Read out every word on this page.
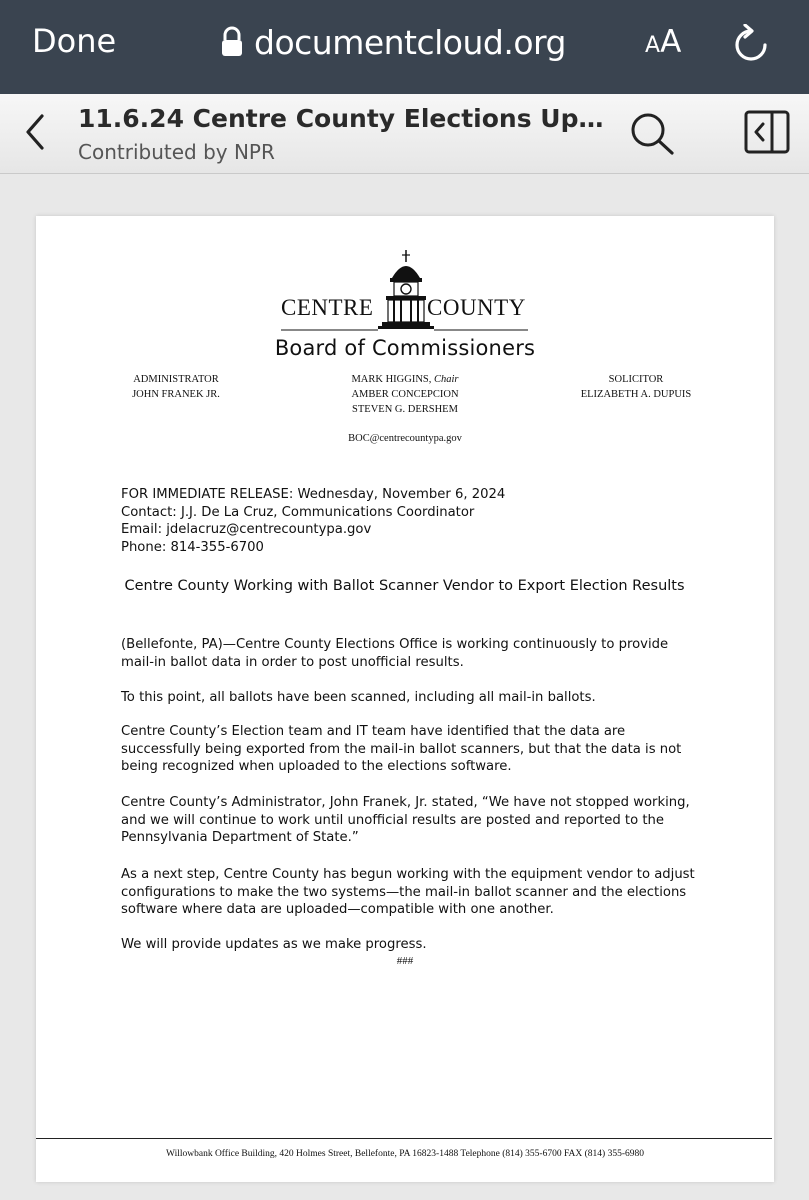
Done	documentcloud.org	AA
11.6.24 Centre County Elections Up…
Contributed by NPR
CENTRE COUNTY
Board of Commissioners
ADMINISTRATOR
JOHN FRANEK JR.
MARK HIGGINS, Chair
AMBER CONCEPCION
STEVEN G. DERSHEM
SOLICITOR
ELIZABETH A. DUPUIS
BOC@centrecountypa.gov
FOR IMMEDIATE RELEASE: Wednesday, November 6, 2024
Contact: J.J. De La Cruz, Communications Coordinator
Email: jdelacruz@centrecountypa.gov
Phone: 814-355-6700
Centre County Working with Ballot Scanner Vendor to Export Election Results
(Bellefonte, PA)—Centre County Elections Office is working continuously to provide mail-in ballot data in order to post unofficial results.
To this point, all ballots have been scanned, including all mail-in ballots.
Centre County’s Election team and IT team have identified that the data are successfully being exported from the mail-in ballot scanners, but that the data is not being recognized when uploaded to the elections software.
Centre County’s Administrator, John Franek, Jr. stated, “We have not stopped working, and we will continue to work until unofficial results are posted and reported to the Pennsylvania Department of State.”
As a next step, Centre County has begun working with the equipment vendor to adjust configurations to make the two systems—the mail-in ballot scanner and the elections software where data are uploaded—compatible with one another.
We will provide updates as we make progress.
###
Willowbank Office Building, 420 Holmes Street, Bellefonte, PA 16823-1488 Telephone (814) 355-6700 FAX (814) 355-6980
